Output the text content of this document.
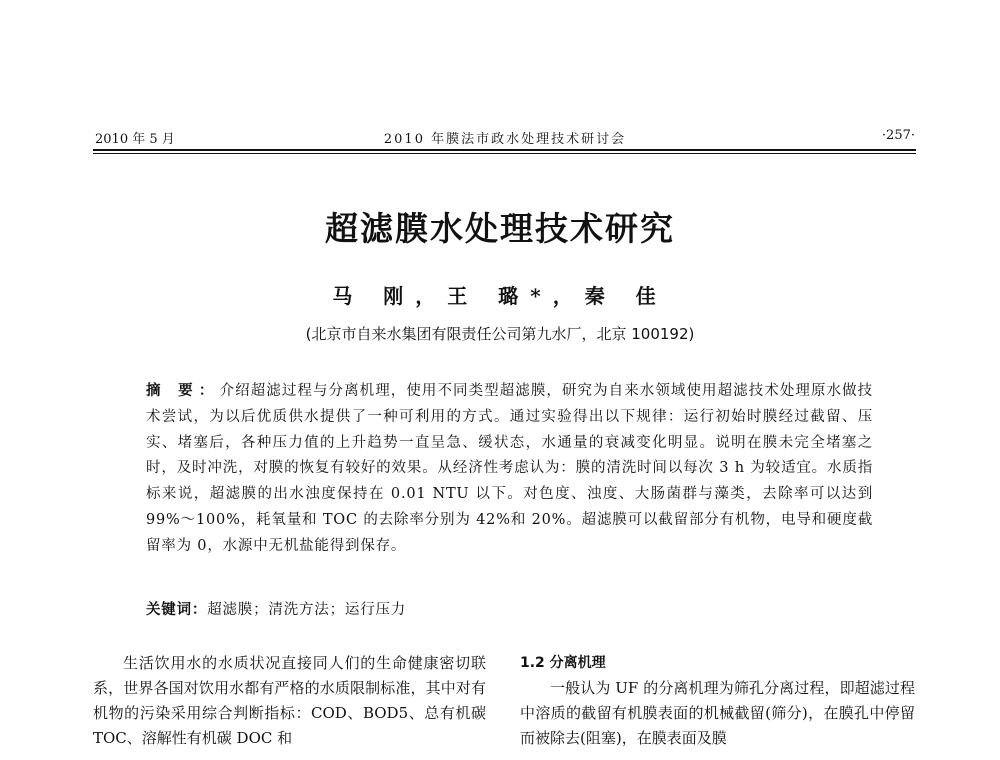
2010 年 5 月	2010 年膜法市政水处理技术研讨会	·257·
超滤膜水处理技术研究
马 刚，王 璐*，秦 佳
(北京市自来水集团有限责任公司第九水厂，北京 100192)
摘 要：介绍超滤过程与分离机理，使用不同类型超滤膜，研究为自来水领域使用超滤技术处理原水做技术尝试，为以后优质供水提供了一种可利用的方式。通过实验得出以下规律：运行初始时膜经过截留、压实、堵塞后，各种压力值的上升趋势一直呈急、缓状态，水通量的衰减变化明显。说明在膜未完全堵塞之时，及时冲洗，对膜的恢复有较好的效果。从经济性考虑认为：膜的清洗时间以每次 3 h 为较适宜。水质指标来说，超滤膜的出水浊度保持在 0.01 NTU 以下。对色度、浊度、大肠菌群与藻类，去除率可以达到 99%～100%，耗氧量和 TOC 的去除率分别为 42%和 20%。超滤膜可以截留部分有机物，电导和硬度截留率为 0，水源中无机盐能得到保存。
关键词：超滤膜；清洗方法；运行压力

生活饮用水的水质状况直接同人们的生命健康密切联系，世界各国对饮用水都有严格的水质限制标准，其中对有机物的污染采用综合判断指标：COD、BOD5、总有机碳 TOC、溶解性有机碳 DOC 和

1.2 分离机理

一般认为 UF 的分离机理为筛孔分离过程，即超滤过程中溶质的截留有机膜表面的机械截留(筛分)，在膜孔中停留而被除去(阻塞)，在膜表面及膜
